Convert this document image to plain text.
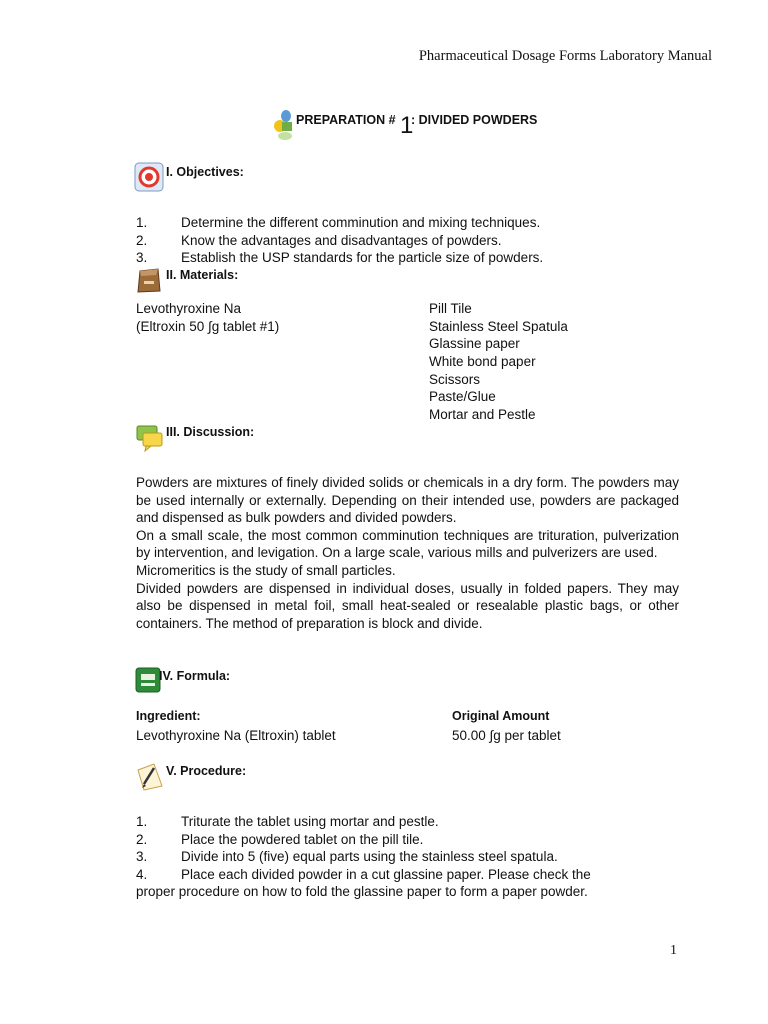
Pharmaceutical Dosage Forms Laboratory Manual
PREPARATION # 1
: DIVIDED POWDERS
I. Objectives:
1. Determine the different comminution and mixing techniques.
2. Know the advantages and disadvantages of powders.
3. Establish the USP standards for the particle size of powders.
II. Materials:
Levothyroxine Na
(Eltroxin 50 ∫g tablet #1)
Pill Tile
Stainless Steel Spatula
Glassine paper
White bond paper
Scissors
Paste/Glue
Mortar and Pestle
III. Discussion:

Powders are mixtures of finely divided solids or chemicals in a dry form. The powders may be used internally or externally. Depending on their intended use, powders are packaged and dispensed as bulk powders and divided powders.

On a small scale, the most common comminution techniques are trituration, pulverization by intervention, and levigation. On a large scale, various mills and pulverizers are used.

Micromeritics is the study of small particles.

Divided powders are dispensed in individual doses, usually in folded papers. They may also be dispensed in metal foil, small heat-sealed or resealable plastic bags, or other containers. The method of preparation is block and divide.

IV. Formula:
Ingredient:	Original Amount
Levothyroxine Na (Eltroxin) tablet	50.00 ∫g per tablet
V. Procedure:
1. Triturate the tablet using mortar and pestle.
2. Place the powdered tablet on the pill tile.
3. Divide into 5 (five) equal parts using the stainless steel spatula.
4. Place each divided powder in a cut glassine paper. Please check the
proper procedure on how to fold the glassine paper to form a paper powder.
1
